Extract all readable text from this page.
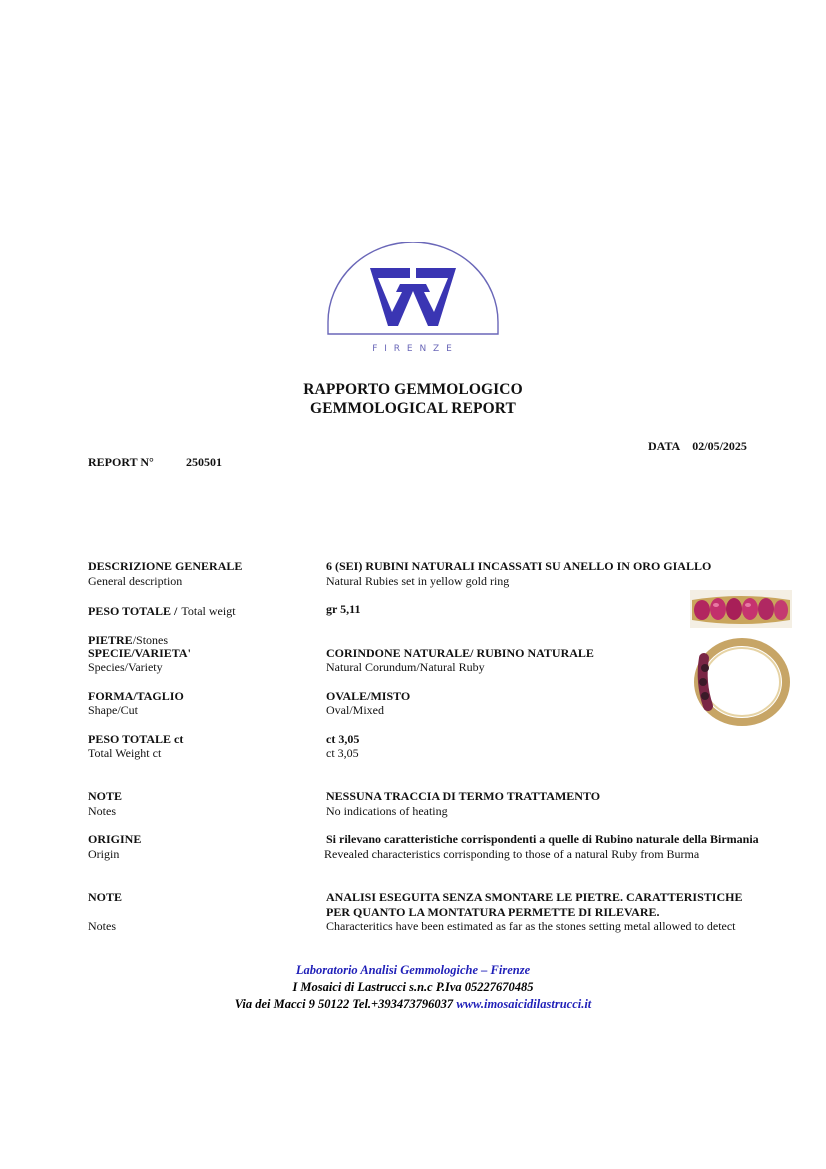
F I R E N Z E
RAPPORTO GEMMOLOGICO
GEMMOLOGICAL REPORT
DATA 02/05/2025
REPORT N°	250501
DESCRIZIONE GENERALE
General description
6 (SEI) RUBINI NATURALI INCASSATI SU ANELLO IN ORO GIALLO
Natural Rubies set in yellow gold ring
PESO TOTALE / Total weigt	gr 5,11
PIETRE/Stones
SPECIE/VARIETA'
Species/Variety
CORINDONE NATURALE/ RUBINO NATURALE
Natural Corundum/Natural Ruby
FORMA/TAGLIO
Shape/Cut
OVALE/MISTO
Oval/Mixed
PESO TOTALE ct
Total Weight ct
ct 3,05
ct 3,05
NOTE
Notes
NESSUNA TRACCIA DI TERMO TRATTAMENTO
No indications of heating
ORIGINE
Origin
Si rilevano caratteristiche corrispondenti a quelle di Rubino naturale della Birmania
Revealed characteristics corrisponding to those of a natural Ruby from Burma
NOTE
Notes
ANALISI ESEGUITA SENZA SMONTARE LE PIETRE. CARATTERISTICHE
PER QUANTO LA MONTATURA PERMETTE DI RILEVARE.
Characteritics have been estimated as far as the stones setting metal allowed to detect
Laboratorio Analisi Gemmologiche – Firenze
I Mosaici di Lastrucci s.n.c P.Iva 05227670485
Via dei Macci 9 50122 Tel.+393473796037 www.imosaicidilastrucci.it
